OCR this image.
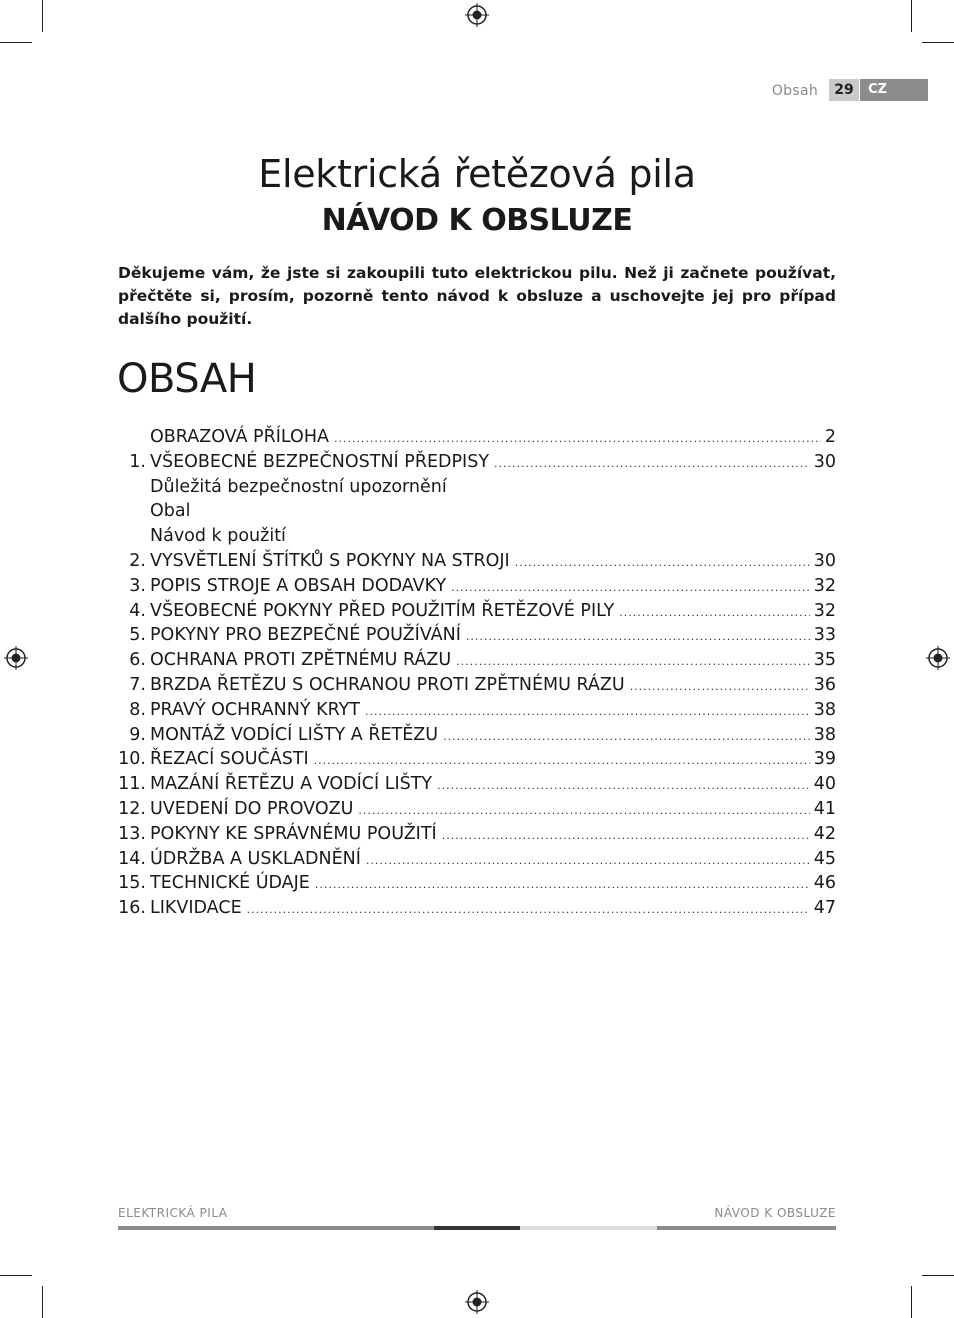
Obsah	29	CZ
Elektrická řetězová pila
NÁVOD K OBSLUZE
Děkujeme vám, že jste si zakoupili tuto elektrickou pilu. Než ji začnete používat, přečtěte si, prosím, pozorně tento návod k obsluze a uschovejte jej pro případ dalšího použití.
OBSAH
OBRAZOVÁ PŘÍLOHA .....	2
1. VŠEOBECNÉ BEZPEČNOSTNÍ PŘEDPISY .....	30
Důležitá bezpečnostní upozornění
Obal
Návod k použití
2. VYSVĚTLENÍ ŠTÍTKŮ S POKYNY NA STROJI .....	30
3. POPIS STROJE A OBSAH DODAVKY .....	32
4. VŠEOBECNÉ POKYNY PŘED POUŽITÍM ŘETĚZOVÉ PILY .....	32
5. POKYNY PRO BEZPEČNÉ POUŽÍVÁNÍ .....	33
6. OCHRANA PROTI ZPĚTNÉMU RÁZU .....	35
7. BRZDA ŘETĚZU S OCHRANOU PROTI ZPĚTNÉMU RÁZU .....	36
8. PRAVÝ OCHRANNÝ KRYT .....	38
9. MONTÁŽ VODÍCÍ LIŠTY A ŘETĚZU .....	38
10. ŘEZACÍ SOUČÁSTI .....	39
11. MAZÁNÍ ŘETĚZU A VODÍCÍ LIŠTY .....	40
12. UVEDENÍ DO PROVOZU .....	41
13. POKYNY KE SPRÁVNÉMU POUŽITÍ .....	42
14. ÚDRŽBA A USKLADNĚNÍ .....	45
15. TECHNICKÉ ÚDAJE .....	46
16. LIKVIDACE .....	47
ELEKTRICKÁ PILA	NÁVOD K OBSLUZE
